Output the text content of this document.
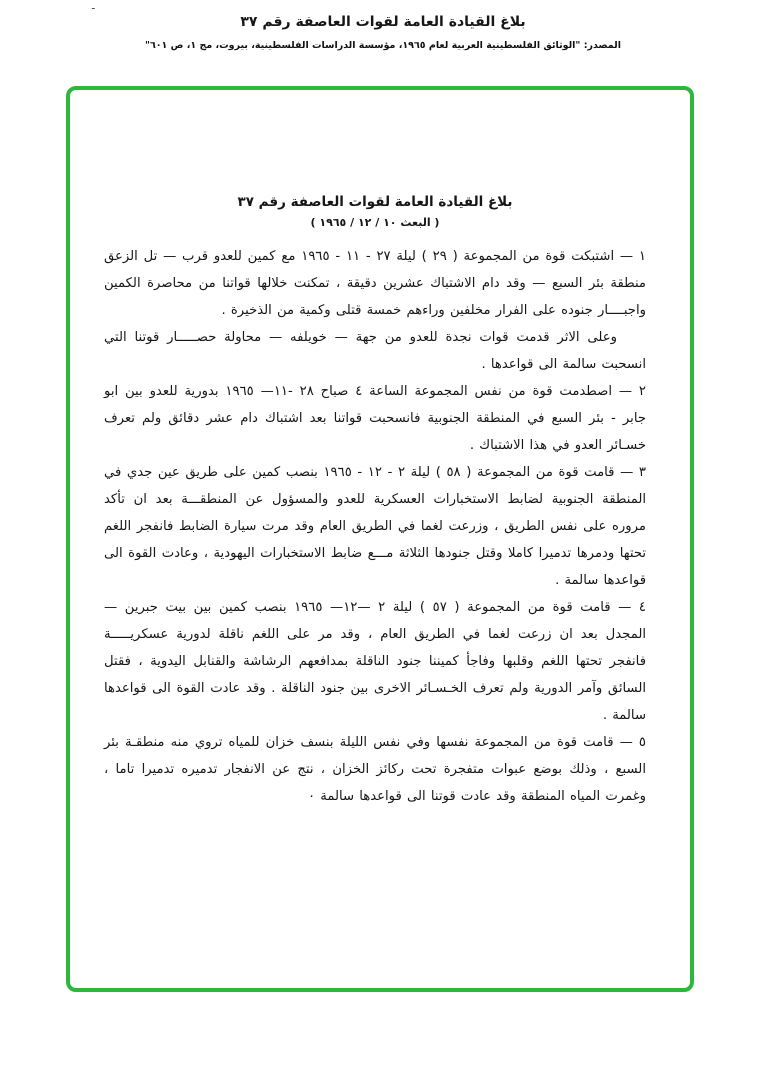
ـ
بلاغ القيادة العامة لقوات العاصفة رقم ٣٧
المصدر: "الوثائق الفلسطينية العربية لعام ١٩٦٥، مؤسسة الدراسات الفلسطينية، بيروت، مج ١، ص ٦٠١"
بلاغ القيادة العامة لقوات العاصفة رقم ٣٧
( البعث ١٠ / ١٢ / ١٩٦٥ )

١ — اشتبكت قوة من المجموعة ( ٢٩ ) ليلة ٢٧ - ١١ - ١٩٦٥ مع كمين للعدو قرب — تل الزعق منطقة بئر السبع — وقد دام الاشتباك عشرين دقيقة ، تمكنت خلالها قواتنا من محاصرة الكمين واجبــــار جنوده على الفرار مخلفين وراءهم خمسة قتلى وكمية من الذخيرة .

وعلى الاثر قدمت قوات نجدة للعدو من جهة — خويلفه — محاولة حصـــــار قوتنا التي انسحبت سالمة الى قواعدها .

٢ — اصطدمت قوة من نفس المجموعة الساعة ٤ صباح ٢٨ -١١— ١٩٦٥ بدورية للعدو بين ابو جابر - بئر السبع في المنطقة الجنوبية فانسحبت قواتنا بعد اشتباك دام عشر دقائق ولم تعرف خسـائر العدو في هذا الاشتباك .

٣ — قامت قوة من المجموعة ( ٥٨ ) ليلة ٢ - ١٢ - ١٩٦٥ بنصب كمين على طريق عين جدي في المنطقة الجنوبية لضابط الاستخبارات العسكرية للعدو والمسؤول عن المنطقـــة بعد ان تأكد مروره على نفس الطريق ، وزرعت لغما في الطريق العام وقد مرت سيارة الضابط فانفجر اللغم تحتها ودمرها تدميرا كاملا وقتل جنودها الثلاثة مـــع ضابط الاستخبارات اليهودية ، وعادت القوة الى قواعدها سالمة .

٤ — قامت قوة من المجموعة ( ٥٧ ) ليلة ٢ —١٢— ١٩٦٥ بنصب كمين بين بيت جبرين — المجدل بعد ان زرعت لغما في الطريق العام ، وقد مر على اللغم ناقلة لدورية عسكريـــــة فانفجر تحتها اللغم وقلبها وفاجأ كميننا جنود الناقلة بمدافعهم الرشاشة والقنابل اليدوية ، فقتل السائق وآمر الدورية ولم تعرف الخـسـائر الاخرى بين جنود الناقلة . وقد عادت القوة الى قواعدها سالمة .

٥ — قامت قوة من المجموعة نفسها وفي نفس الليلة بنسف خزان للمياه تروي منه منطقـة بئر السبع ، وذلك بوضع عبوات متفجرة تحت ركائز الخزان ، نتج عن الانفجار تدميره تدميرا تاما ، وغمرت المياه المنطقة وقد عادت قوتنا الى قواعدها سالمة ٠
